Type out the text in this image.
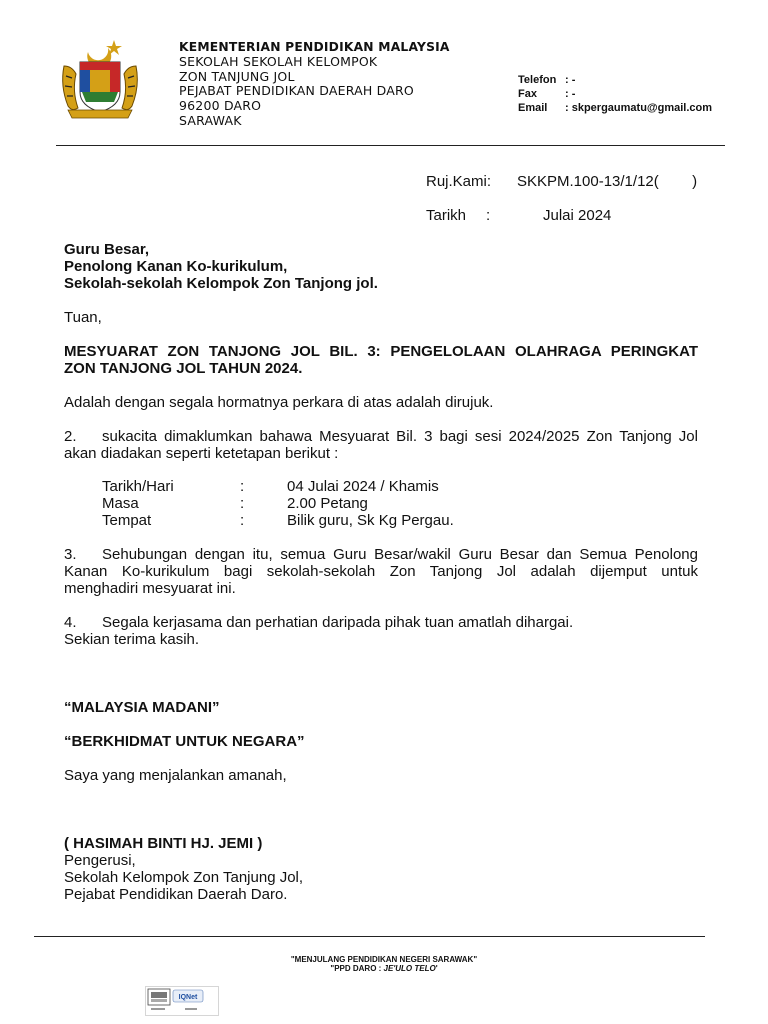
KEMENTERIAN PENDIDIKAN MALAYSIA
SEKOLAH SEKOLAH KELOMPOK
ZON TANJUNG JOL
PEJABAT PENDIDIKAN DAERAH DARO
96200 DARO
SARAWAK
Telefon : -
Fax	: -
Email	: skpergaumatu@gmail.com
Ruj.Kami: SKKPM.100-13/1/12(        )
Tarikh :	Julai 2024
Guru Besar,
Penolong Kanan Ko-kurikulum,
Sekolah-sekolah Kelompok Zon Tanjong jol.
Tuan,
MESYUARAT ZON TANJONG JOL BIL. 3: PENGELOLAAN OLAHRAGA PERINGKAT
ZON TANJONG JOL TAHUN 2024.
Adalah dengan segala hormatnya perkara di atas adalah dirujuk.
2. sukacita dimaklumkan bahawa Mesyuarat Bil. 3 bagi sesi 2024/2025 Zon Tanjong Jol
akan diadakan seperti ketetapan berikut :
Tarikh/Hari	:	04 Julai 2024 / Khamis
Masa	:	2.00 Petang
Tempat	:	Bilik guru, Sk Kg Pergau.
3. Sehubungan dengan itu, semua Guru Besar/wakil Guru Besar dan Semua Penolong
Kanan Ko-kurikulum bagi sekolah-sekolah Zon Tanjong Jol adalah dijemput untuk
menghadiri mesyuarat ini.
4. Segala kerjasama dan perhatian daripada pihak tuan amatlah dihargai.
Sekian terima kasih.
“MALAYSIA MADANI”
“BERKHIDMAT UNTUK NEGARA”
Saya yang menjalankan amanah,
( HASIMAH BINTI HJ. JEMI )
Pengerusi,
Sekolah Kelompok Zon Tanjung Jol,
Pejabat Pendidikan Daerah Daro.
"MENJULANG PENDIDIKAN NEGERI SARAWAK"
"PPD DARO : JE'ULO TELO'
IQNet
